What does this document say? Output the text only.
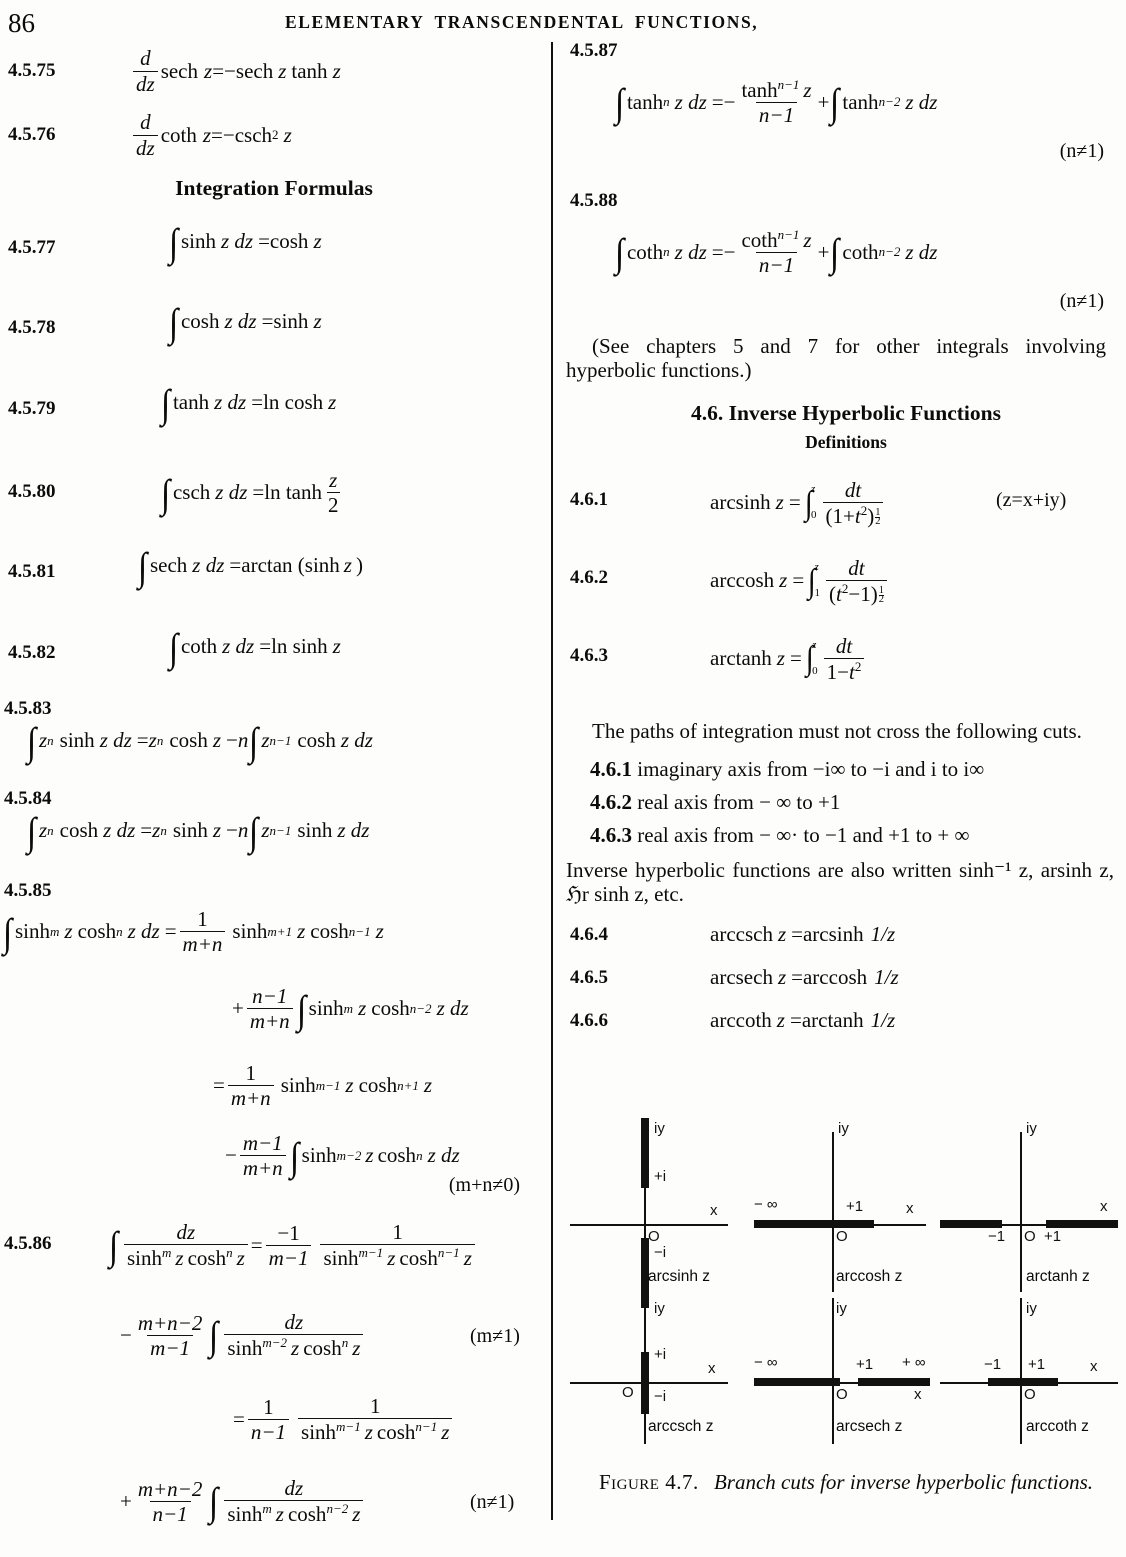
86	ELEMENTARY TRANSCENDENTAL FUNCTIONS,
4.5.75	$\frac{d}{dz}$ sech z =− sech z tanh z
4.5.76	$\frac{d}{dz}$ coth z =−csch 2 z
Integration Formulas
4.5.77	∫ sinh z dz =cosh z
4.5.78	∫ cosh z dz =sinh z
4.5.79	∫ tanh z dz =ln cosh z
4.5.80	∫ csch z dz =ln $\tanh \frac{z}{2}$
4.5.81 ∫ sech z dz =arctan (sinh z )
4.5.82	∫ coth z dz =ln sinh z
4.5.83
∫ z n sinh z dz = z n cosh z − n ∫ z n−1 cosh z dz
4.5.84
∫ z n cosh z dz = z n sinh z − n ∫ z n−1 sinh z dz
4.5.85
∫ sinh m z cosh n z dz = $\frac{1}{m+n}$ sinh m+1 z cosh n−1 z
+ $\frac{n-1}{m+n}$ ∫ sinh m z cosh n−2 z dz
= $\frac{1}{m+n}$ sinh m−1 z cosh n+1 z
− $\frac{m-1}{m+n}$ ∫ sinh m−2 z cosh n z dz
(m+n≠0)
4.5.86 ∫ $\frac{dz}{\sinh^m z \cosh^n z} = \frac{-1}{m-1} \frac{1}{\sinh^{m-1} z \cosh^{n-1} z}$
− $\frac{m+n-2}{m-1}$ ∫ $\frac{dz}{\sinh^{m-2} z \cosh^n z}$	(m≠1)
= $\frac{1}{n-1} \frac{1}{\sinh^{m-1} z \cosh^{n-1} z}$
+ $\frac{m+n-2}{n-1}$ ∫ $\frac{dz}{\sinh^m z \cosh^{n-2} z}$	(n≠1)
4.5.87
∫ tanh n z dz =− $\frac{\tanh^{n-1} z}{n-1}$ + ∫ tanh n−2 z dz
(n≠1)
4.5.88
∫ coth n z dz =− $\frac{\cot h^{n-1} z}{n-1}$ + ∫ coth n−2 z dz
(n≠1)

(See chapters 5 and 7 for other integrals involving hyperbolic functions.)

4.6. Inverse Hyperbolic Functions
Definitions
4.6.1	arcsinh z = ∫
z
$0 \frac{dt}{(1+t^2) \frac{1}{2}}$	(z=x+iy)
4.6.2	arccosh z = ∫
z
$1 \frac{dt}{(t^2-1) \frac{1}{2}}$
4.6.3	arctanh z = ∫
z
$0 \frac{dt}{1-t^2}$

The paths of integration must not cross the following cuts.

4.6.1 imaginary axis from −i∞ to −i and i to i∞
4.6.2 real axis from − ∞ to +1
4.6.3 real axis from − ∞· to −1 and +1 to + ∞

Inverse hyperbolic functions are also written sinh⁻¹ z, arsinh z, ℌr sinh z, etc.

4.6.4	arccsch z =arcsinh 1/z
4.6.5	arcsech z =arccosh 1/z
4.6.6	arccoth z =arctanh 1/z
iy
+i
x
O
−i
arcsinh z
iy
− ∞	+1	x
O
arccosh z
iy
x
−1 O +1
arctanh z
iy
+i
x
O −i
arccsch z
iy
− ∞	+1 + ∞
O	x
arcsech z
iy
−1 +1	x
O
arccoth z
Figure 4.7. Branch cuts for inverse hyperbolic functions.
